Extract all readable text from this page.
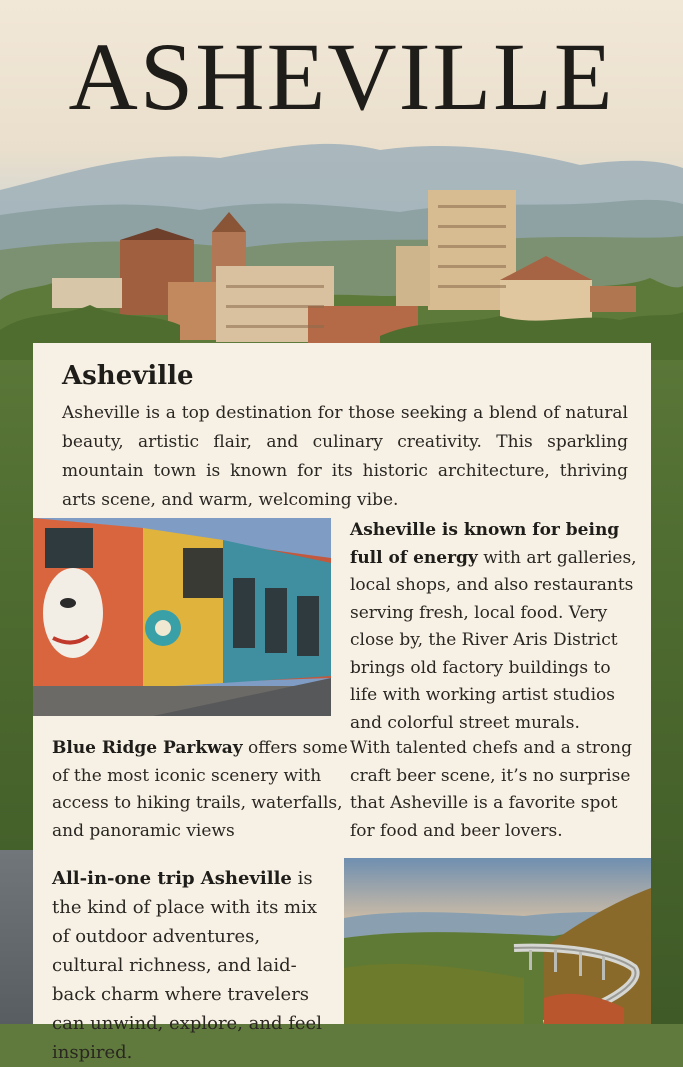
ASHEVILLE
Asheville

Asheville is a top destination for those seeking a blend of natural beauty, artistic flair, and culinary creativity. This sparkling mountain town is known for its historic architecture, thriving arts scene, and warm, welcoming vibe.

Asheville is known for being full of energy with art galleries, local shops, and also restaurants serving fresh, local food. Very close by, the River Aris District brings old factory buildings to life with working artist studios and colorful street murals.

With talented chefs and a strong craft beer scene, it’s no surprise that Asheville is a favorite spot for food and beer lovers.

Blue Ridge Parkway offers some of the most iconic scenery with access to hiking trails, waterfalls, and panoramic views

All-in-one trip Asheville is the kind of place with its mix of outdoor adventures, cultural richness, and laid-back charm where travelers can unwind, explore, and feel inspired.
